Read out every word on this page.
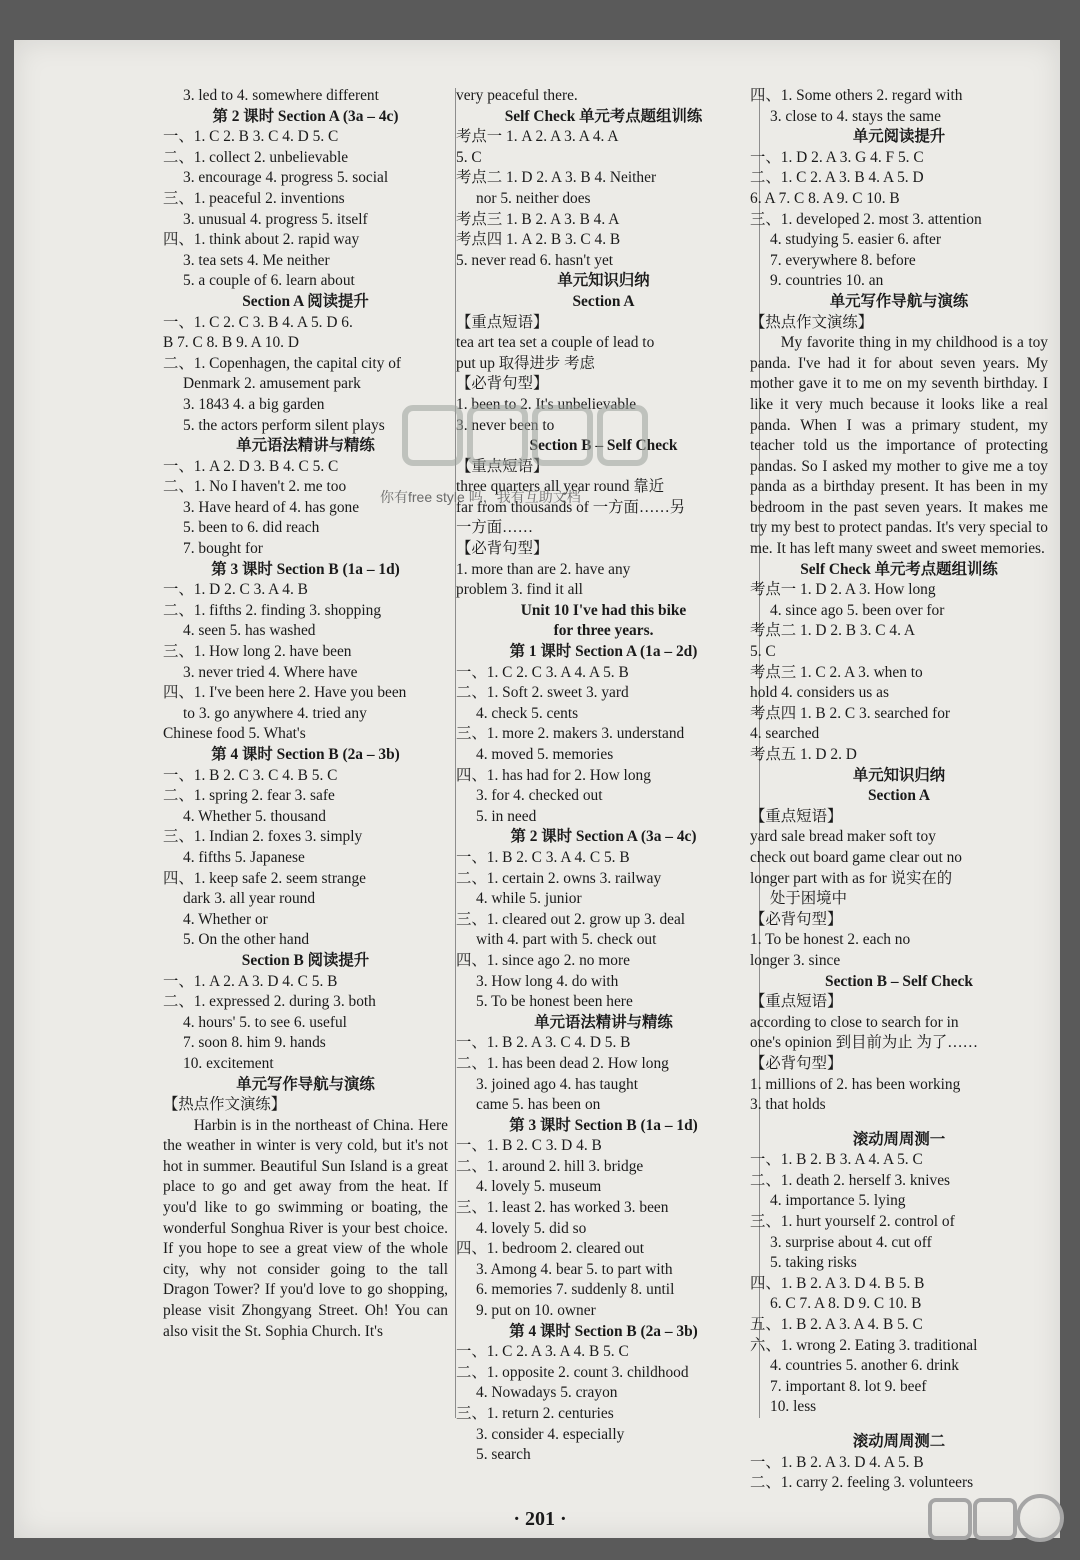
3. led to 4. somewhere different
第 2 课时 Section A (3a – 4c)
一、1. C 2. B 3. C 4. D 5. C
二、1. collect 2. unbelievable
3. encourage 4. progress 5. social
三、1. peaceful 2. inventions
3. unusual 4. progress 5. itself
四、1. think about 2. rapid way
3. tea sets 4. Me neither
5. a couple of 6. learn about
Section A 阅读提升
一、1. C 2. C 3. B 4. A 5. D 6.
B 7. C 8. B 9. A 10. D
二、1. Copenhagen, the capital city of
Denmark 2. amusement park
3. 1843 4. a big garden
5. the actors perform silent plays
单元语法精讲与精练
一、1. A 2. D 3. B 4. C 5. C
二、1. No I haven't 2. me too
3. Have heard of 4. has gone
5. been to 6. did reach
7. bought for
第 3 课时 Section B (1a – 1d)
一、1. D 2. C 3. A 4. B
二、1. fifths 2. finding 3. shopping
4. seen 5. has washed
三、1. How long 2. have been
3. never tried 4. Where have
四、1. I've been here 2. Have you been
to 3. go anywhere 4. tried any
Chinese food 5. What's
第 4 课时 Section B (2a – 3b)
一、1. B 2. C 3. C 4. B 5. C
二、1. spring 2. fear 3. safe
4. Whether 5. thousand
三、1. Indian 2. foxes 3. simply
4. fifths 5. Japanese
四、1. keep safe 2. seem strange
dark 3. all year round
4. Whether or
5. On the other hand
Section B 阅读提升
一、1. A 2. A 3. D 4. C 5. B
二、1. expressed 2. during 3. both
4. hours' 5. to see 6. useful
7. soon 8. him 9. hands
10. excitement
单元写作导航与演练
【热点作文演练】
Harbin is in the northeast of China. Here the weather in winter is very cold, but it's not hot in summer. Beautiful Sun Island is a great place to go and get away from the heat. If you'd like to go swimming or boating, the wonderful Songhua River is your best choice. If you hope to see a great view of the whole city, why not consider going to the tall Dragon Tower? If you'd love to go shopping, please visit Zhongyang Street. Oh! You can also visit the St. Sophia Church. It's
very peaceful there.
Self Check 单元考点题组训练
考点一 1. A 2. A 3. A 4. A
5. C
考点二 1. D 2. A 3. B 4. Neither
nor 5. neither does
考点三 1. B 2. A 3. B 4. A
考点四 1. A 2. B 3. C 4. B
5. never read 6. hasn't yet
单元知识归纳
Section A
【重点短语】
tea art tea set a couple of lead to
put up 取得进步 考虑
【必背句型】
1. been to 2. It's unbelievable
3. never been to
Section B – Self Check
【重点短语】
three quarters all year round 靠近
far from thousands of 一方面……另
一方面……
【必背句型】
1. more than are 2. have any
problem 3. find it all
Unit 10 I've had this bike
for three years.
第 1 课时 Section A (1a – 2d)
一、1. C 2. C 3. A 4. A 5. B
二、1. Soft 2. sweet 3. yard
4. check 5. cents
三、1. more 2. makers 3. understand
4. moved 5. memories
四、1. has had for 2. How long
3. for 4. checked out
5. in need
第 2 课时 Section A (3a – 4c)
一、1. B 2. C 3. A 4. C 5. B
二、1. certain 2. owns 3. railway
4. while 5. junior
三、1. cleared out 2. grow up 3. deal
with 4. part with 5. check out
四、1. since ago 2. no more
3. How long 4. do with
5. To be honest been here
单元语法精讲与精练
一、1. B 2. A 3. C 4. D 5. B
二、1. has been dead 2. How long
3. joined ago 4. has taught
came 5. has been on
第 3 课时 Section B (1a – 1d)
一、1. B 2. C 3. D 4. B
二、1. around 2. hill 3. bridge
4. lovely 5. museum
三、1. least 2. has worked 3. been
4. lovely 5. did so
四、1. bedroom 2. cleared out
3. Among 4. bear 5. to part with
6. memories 7. suddenly 8. until
9. put on 10. owner
第 4 课时 Section B (2a – 3b)
一、1. C 2. A 3. A 4. B 5. C
二、1. opposite 2. count 3. childhood
4. Nowadays 5. crayon
三、1. return 2. centuries
3. consider 4. especially
5. search
四、1. Some others 2. regard with
3. close to 4. stays the same
单元阅读提升
一、1. D 2. A 3. G 4. F 5. C
二、1. C 2. A 3. B 4. A 5. D
6. A 7. C 8. A 9. C 10. B
三、1. developed 2. most 3. attention
4. studying 5. easier 6. after
7. everywhere 8. before
9. countries 10. an
单元写作导航与演练
【热点作文演练】
My favorite thing in my childhood is a toy panda. I've had it for about seven years. My mother gave it to me on my seventh birthday. I like it very much because it looks like a real panda. When I was a primary student, my teacher told us the importance of protecting pandas. So I asked my mother to give me a toy panda as a birthday present. It has been in my bedroom in the past seven years. It makes me try my best to protect pandas. It's very special to me. It has left many sweet and sweet memories.
Self Check 单元考点题组训练
考点一 1. D 2. A 3. How long
4. since ago 5. been over for
考点二 1. D 2. B 3. C 4. A
5. C
考点三 1. C 2. A 3. when to
hold 4. considers us as
考点四 1. B 2. C 3. searched for
4. searched
考点五 1. D 2. D
单元知识归纳
Section A
【重点短语】
yard sale bread maker soft toy
check out board game clear out no
longer part with as for 说实在的
处于困境中
【必背句型】
1. To be honest 2. each no
longer 3. since
Section B – Self Check
【重点短语】
according to close to search for in
one's opinion 到目前为止 为了……
【必背句型】
1. millions of 2. has been working
3. that holds
滚动周周测一
一、1. B 2. B 3. A 4. A 5. C
二、1. death 2. herself 3. knives
4. importance 5. lying
三、1. hurt yourself 2. control of
3. surprise about 4. cut off
5. taking risks
四、1. B 2. A 3. D 4. B 5. B
6. C 7. A 8. D 9. C 10. B
五、1. B 2. A 3. A 4. B 5. C
六、1. wrong 2. Eating 3. traditional
4. countries 5. another 6. drink
7. important 8. lot 9. beef
10. less
滚动周周测二
一、1. B 2. A 3. D 4. A 5. B
二、1. carry 2. feeling 3. volunteers
你有free style 吗，我有互助文档
· 201 ·
